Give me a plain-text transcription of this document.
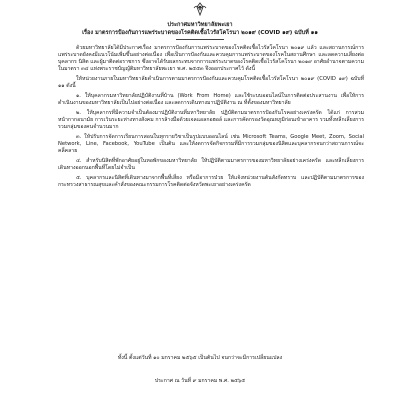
ประกาศมหาวิทยาลัยพะเยา
เรื่อง มาตรการป้องกันการแพร่ระบาดของโรคติดเชื้อไวรัสโคโรนา ๒๐๑๙ (COVID ๑๙) ฉบับที่ ๑๑

ด้วยมหาวิทยาลัยได้มีประกาศเรื่อง มาตรการป้องกันการแพร่ระบาดของโรคติดเชื้อไวรัสโคโรนา ๒๐๑๙ แล้ว และสถานการณ์การแพร่ระบาดยังคงมีแนวโน้มเพิ่มขึ้นอย่างต่อเนื่อง เพื่อเป็นการป้องกันและควบคุมการแพร่ระบาดของโรคในสถานศึกษา และลดความเสี่ยงต่อบุคลากร นิสิต และผู้มาติดต่อราชการ ซึ่งอาจได้รับผลกระทบจากการแพร่ระบาดของโรคติดเชื้อไวรัสโคโรนา ๒๐๑๙ อาศัยอำนาจตามความในมาตรา ๓๔ แห่งพระราชบัญญัติมหาวิทยาลัยพะเยา พ.ศ. ๒๕๕๓ จึงออกประกาศไว้ ดังนี้

ให้หน่วยงานภายในมหาวิทยาลัยดำเนินการตามมาตรการป้องกันและควบคุมโรคติดเชื้อไวรัสโคโรนา ๒๐๑๙ (COVID ๑๙) ฉบับที่ ๑๑ ดังนี้

๑. ให้บุคลากรมหาวิทยาลัยปฏิบัติงานที่บ้าน (Work From Home) และใช้ระบบออนไลน์ในการติดต่อประสานงาน เพื่อให้การดำเนินงานของมหาวิทยาลัยเป็นไปอย่างต่อเนื่อง และลดการเดินทางมาปฏิบัติงาน ณ ที่ตั้งของมหาวิทยาลัย

๒. ให้บุคลากรที่มีความจำเป็นต้องมาปฏิบัติงานที่มหาวิทยาลัย ปฏิบัติตามมาตรการป้องกันโรคอย่างเคร่งครัด ได้แก่ การสวมหน้ากากอนามัย การเว้นระยะห่างทางสังคม การล้างมือด้วยเจลแอลกอฮอล์ และการคัดกรองวัดอุณหภูมิก่อนเข้าอาคาร รวมทั้งหลีกเลี่ยงการรวมกลุ่มของคนจำนวนมาก

๓. ให้ปรับการจัดการเรียนการสอนในทุกรายวิชาเป็นรูปแบบออนไลน์ เช่น Microsoft Teams, Google Meet, Zoom, Social Network, Line, Facebook, YouTube เป็นต้น และให้งดการจัดกิจกรรมที่มีการรวมกลุ่มของนิสิตและบุคลากรจนกว่าสถานการณ์จะคลี่คลาย

๔. สำหรับนิสิตที่พักอาศัยอยู่ในหอพักของมหาวิทยาลัย ให้ปฏิบัติตามมาตรการของมหาวิทยาลัยอย่างเคร่งครัด และหลีกเลี่ยงการเดินทางออกนอกพื้นที่โดยไม่จำเป็น

๕. บุคลากรและนิสิตที่เดินทางมาจากพื้นที่เสี่ยง หรือมีอาการป่วย ให้แจ้งหน่วยงานต้นสังกัดทราบ และปฏิบัติตามมาตรการของกระทรวงสาธารณสุขและคำสั่งของคณะกรรมการโรคติดต่อจังหวัดพะเยาอย่างเคร่งครัด

ทั้งนี้ ตั้งแต่วันที่ ๑๐ มกราคม ๒๕๖๕ เป็นต้นไป จนกว่าจะมีการเปลี่ยนแปลง
ประกาศ ณ วันที่ ๙ มกราคม พ.ศ. ๒๕๖๕
